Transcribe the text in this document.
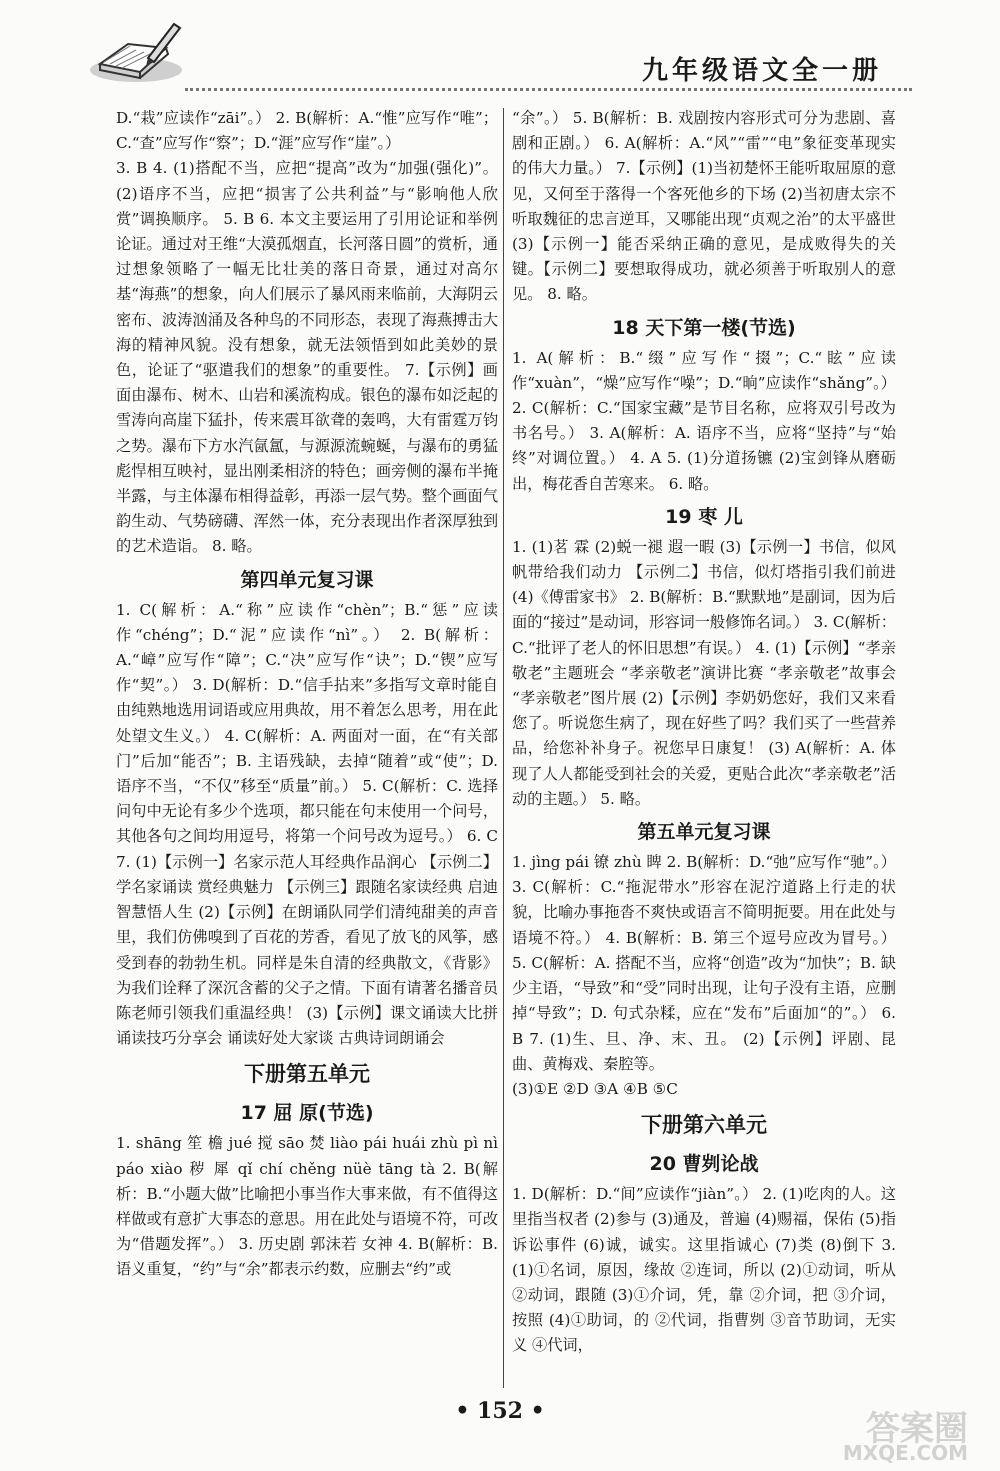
九年级语文全一册

D.“栽”应读作“zāi”。） 2. B(解析：A.“惟”应写作“唯”；C.“查”应写作“察”；D.“涯”应写作“崖”。）

3. B 4. (1)搭配不当，应把“提高”改为“加强(强化)”。 (2)语序不当，应把“损害了公共利益”与“影响他人欣赏”调换顺序。 5. B 6. 本文主要运用了引用论证和举例论证。通过对王维“大漠孤烟直，长河落日圆”的赏析，通过想象领略了一幅无比壮美的落日奇景，通过对高尔基“海燕”的想象，向人们展示了暴风雨来临前，大海阴云密布、波涛汹涌及各种鸟的不同形态，表现了海燕搏击大海的精神风貌。没有想象，就无法领悟到如此美妙的景色，论证了“驱遣我们的想象”的重要性。 7.【示例】画面由瀑布、树木、山岩和溪流构成。银色的瀑布如泛起的雪涛向高崖下猛扑，传来震耳欲聋的轰鸣，大有雷霆万钧之势。瀑布下方水汽氤氲，与源源流蜿蜒，与瀑布的勇猛彪悍相互映衬，显出刚柔相济的特色；画旁侧的瀑布半掩半露，与主体瀑布相得益彰，再添一层气势。整个画面气韵生动、气势磅礴、浑然一体，充分表现出作者深厚独到的艺术造诣。 8. 略。

第四单元复习课

1. C(解析：A.“称”应读作“chèn”；B.“惩”应读作“chéng”；D.“泥”应读作“nì”。） 2. B(解析：A.“嶂”应写作“障”；C.“决”应写作“诀”；D.“锲”应写作“契”。） 3. D(解析：D.“信手拈来”多指写文章时能自由纯熟地选用词语或应用典故，用不着怎么思考，用在此处望文生义。） 4. C(解析：A. 两面对一面，在“有关部门”后加“能否”；B. 主语残缺，去掉“随着”或“使”；D. 语序不当，“不仅”移至“质量”前。） 5. C(解析：C. 选择问句中无论有多少个选项，都只能在句末使用一个问号，其他各句之间均用逗号，将第一个问号改为逗号。） 6. C 7. (1)【示例一】名家示范人耳经典作品润心 【示例二】学名家诵读 赏经典魅力 【示例三】跟随名家读经典 启迪智慧悟人生 (2)【示例】在朗诵队同学们清纯甜美的声音里，我们仿佛嗅到了百花的芳香，看见了放飞的风筝，感受到春的勃勃生机。同样是朱自清的经典散文，《背影》为我们诠释了深沉含蓄的父子之情。下面有请著名播音员陈老师引领我们重温经典！ (3)【示例】课文诵读大比拼 诵读技巧分享会 诵读好处大家谈 古典诗词朗诵会

下册第五单元
17 屈 原(节选)

1. shāng 笙 檐 jué 搅 sāo 焚 liào pái huái zhù pì nì páo xiào 秽 犀 qǐ chí chěng nüè tāng tà 2. B(解析：B.“小题大做”比喻把小事当作大事来做，有不值得这样做或有意扩大事态的意思。用在此处与语境不符，可改为“借题发挥”。） 3. 历史剧 郭沫若 女神 4. B(解析：B. 语义重复，“约”与“余”都表示约数，应删去“约”或

“余”。） 5. B(解析：B. 戏剧按内容形式可分为悲剧、喜剧和正剧。） 6. A(解析：A.“风”“雷”“电”象征变革现实的伟大力量。） 7.【示例】(1)当初楚怀王能听取屈原的意见，又何至于落得一个客死他乡的下场 (2)当初唐太宗不听取魏征的忠言逆耳，又哪能出现“贞观之治”的太平盛世 (3)【示例一】能否采纳正确的意见，是成败得失的关键。【示例二】要想取得成功，就必须善于听取别人的意见。 8. 略。

18 天下第一楼(节选)

1. A(解析：B.“缀”应写作“掇”；C.“眩”应读作“xuàn”，“燥”应写作“噪”；D.“晌”应读作“shǎng”。） 2. C(解析：C.“国家宝藏”是节目名称，应将双引号改为书名号。） 3. A(解析：A. 语序不当，应将“坚持”与“始终”对调位置。） 4. A 5. (1)分道扬镳 (2)宝剑锋从磨砺出，梅花香自苦寒来。 6. 略。

19 枣 儿

1. (1)茗 霖 (2)蜕一褪 遐一暇 (3)【示例一】书信，似风帆带给我们动力 【示例二】书信，似灯塔指引我们前进 (4)《傅雷家书》 2. B(解析：B.“默默地”是副词，因为后面的“接过”是动词，形容词一般修饰名词。） 3. C(解析：C.“批评了老人的怀旧思想”有误。） 4. (1)【示例】“孝亲敬老”主题班会 “孝亲敬老”演讲比赛 “孝亲敬老”故事会 “孝亲敬老”图片展 (2)【示例】李奶奶您好，我们又来看您了。听说您生病了，现在好些了吗？我们买了一些营养品，给您补补身子。祝您早日康复！ (3) A(解析：A. 体现了人人都能受到社会的关爱，更贴合此次“孝亲敬老”活动的主题。） 5. 略。

第五单元复习课

1. jìng pái 镣 zhù 睥 2. B(解析：D.“弛”应写作“驰”。） 3. C(解析：C.“拖泥带水”形容在泥泞道路上行走的状貌，比喻办事拖沓不爽快或语言不简明扼要。用在此处与语境不符。） 4. B(解析：B. 第三个逗号应改为冒号。） 5. C(解析：A. 搭配不当，应将“创造”改为“加快”；B. 缺少主语，“导致”和“受”同时出现，让句子没有主语，应删掉“导致”；D. 句式杂糅，应在“发布”后面加“的”。） 6. B 7. (1)生、旦、净、末、丑。 (2)【示例】评剧、昆曲、黄梅戏、秦腔等。

(3)①E ②D ③A ④B ⑤C

下册第六单元
20 曹刿论战

1. D(解析：D.“间”应读作“jiàn”。） 2. (1)吃肉的人。这里指当权者 (2)参与 (3)通及，普遍 (4)赐福，保佑 (5)指诉讼事件 (6)诚，诚实。这里指诚心 (7)类 (8)倒下 3. (1)①名词，原因，缘故 ②连词，所以 (2)①动词，听从 ②动词，跟随 (3)①介词，凭，靠 ②介词，把 ③介词，按照 (4)①助词，的 ②代词，指曹刿 ③音节助词，无实义 ④代词，

• 152 •	答案圈
MXQE.COM
